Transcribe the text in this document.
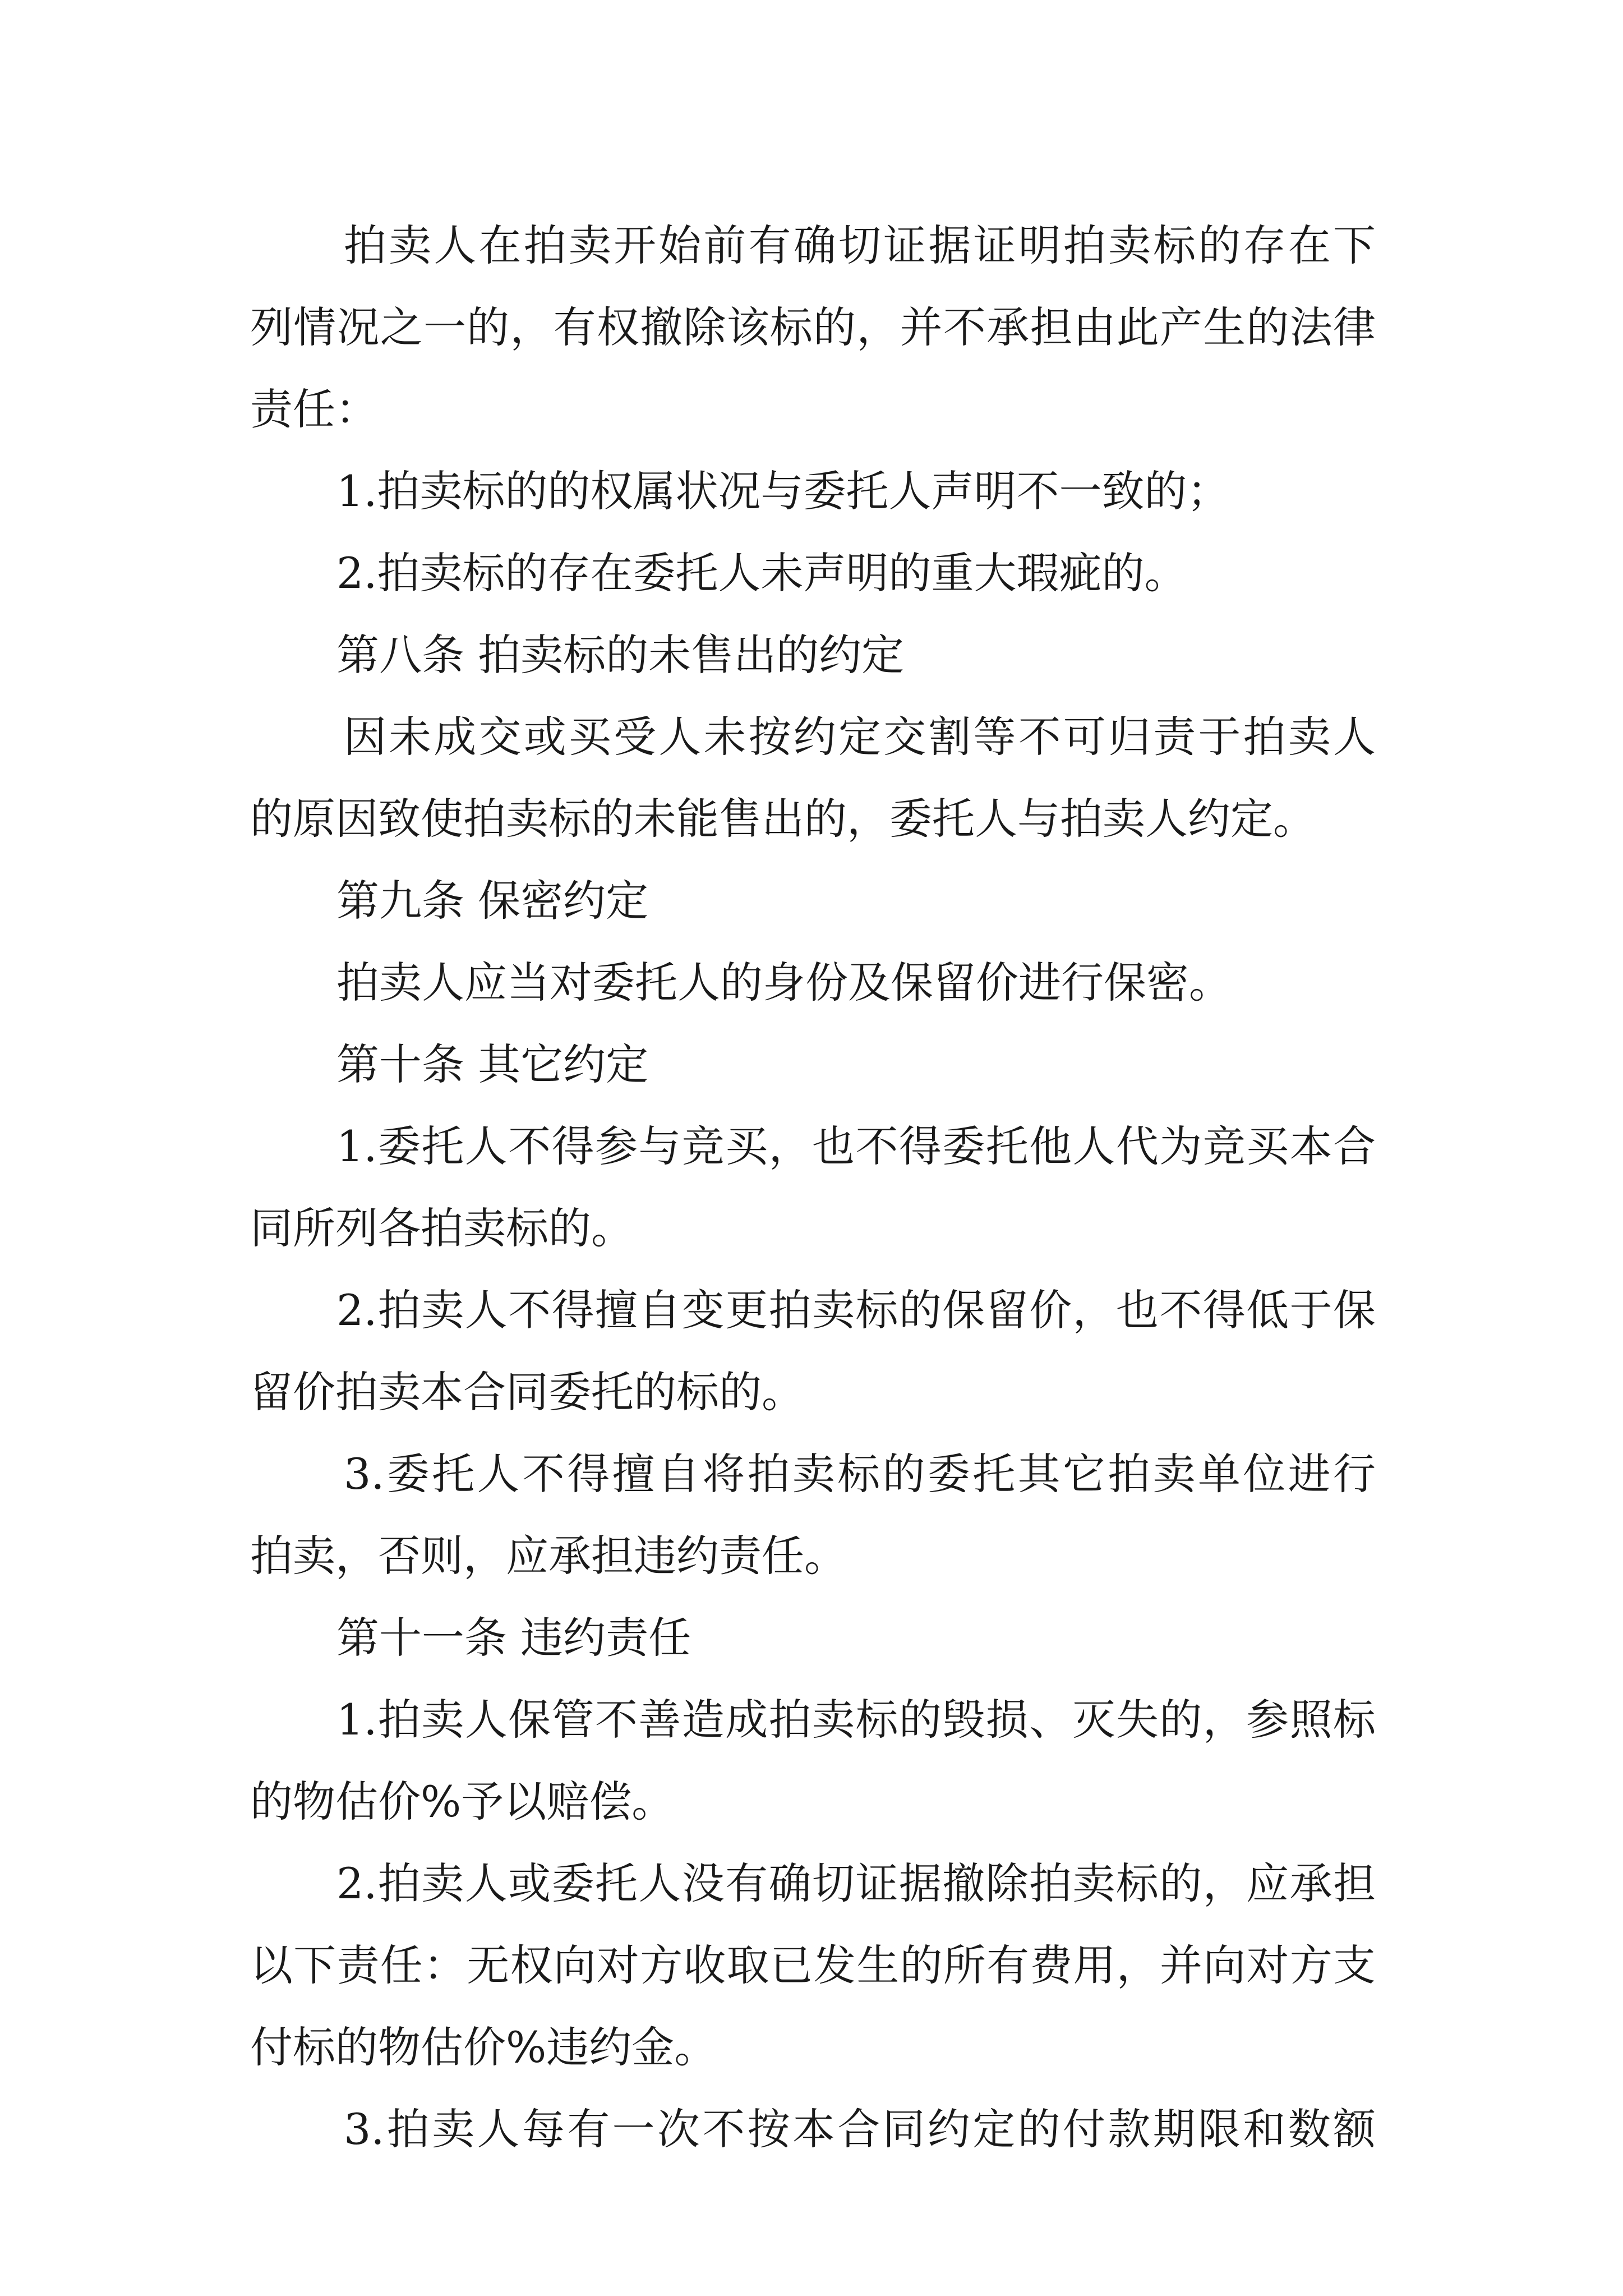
拍卖人在拍卖开始前有确切证据证明拍卖标的存在下
列情况之一的，有权撤除该标的，并不承担由此产生的法律
责任：
1.拍卖标的的权属状况与委托人声明不一致的；
2.拍卖标的存在委托人未声明的重大瑕疵的。
第八条 拍卖标的未售出的约定
因未成交或买受人未按约定交割等不可归责于拍卖人
的原因致使拍卖标的未能售出的，委托人与拍卖人约定。
第九条 保密约定
拍卖人应当对委托人的身份及保留价进行保密。
第十条 其它约定
1.委托人不得参与竞买，也不得委托他人代为竞买本合
同所列各拍卖标的。
2.拍卖人不得擅自变更拍卖标的保留价，也不得低于保
留价拍卖本合同委托的标的。
3.委托人不得擅自将拍卖标的委托其它拍卖单位进行
拍卖，否则，应承担违约责任。
第十一条 违约责任
1.拍卖人保管不善造成拍卖标的毁损、灭失的，参照标
的物估价%予以赔偿。
2.拍卖人或委托人没有确切证据撤除拍卖标的，应承担
以下责任：无权向对方收取已发生的所有费用，并向对方支
付标的物估价%违约金。
3.拍卖人每有一次不按本合同约定的付款期限和数额
